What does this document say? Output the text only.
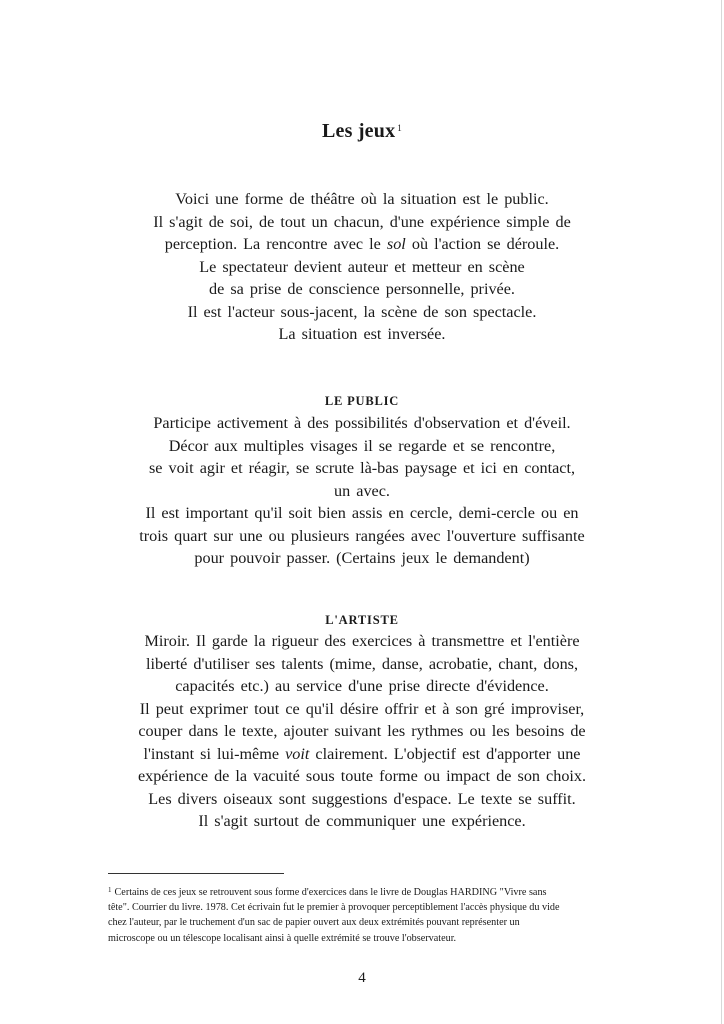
Les jeux $^1$
Voici une forme de théâtre où la situation est le public.
Il s'agit de soi, de tout un chacun, d'une expérience simple de
perception. La rencontre avec le sol où l'action se déroule.
Le spectateur devient auteur et metteur en scène
de sa prise de conscience personnelle, privée.
Il est l'acteur sous-jacent, la scène de son spectacle.
La situation est inversée.
LE PUBLIC
Participe activement à des possibilités d'observation et d'éveil.
Décor aux multiples visages il se regarde et se rencontre,
se voit agir et réagir, se scrute là-bas paysage et ici en contact,
un avec.
Il est important qu'il soit bien assis en cercle, demi-cercle ou en
trois quart sur une ou plusieurs rangées avec l'ouverture suffisante
pour pouvoir passer. (Certains jeux le demandent)
L'ARTISTE
Miroir. Il garde la rigueur des exercices à transmettre et l'entière
liberté d'utiliser ses talents (mime, danse, acrobatie, chant, dons,
capacités etc.) au service d'une prise directe d'évidence.
Il peut exprimer tout ce qu'il désire offrir et à son gré improviser,
couper dans le texte, ajouter suivant les rythmes ou les besoins de
l'instant si lui-même voit clairement. L'objectif est d'apporter une
expérience de la vacuité sous toute forme ou impact de son choix.
Les divers oiseaux sont suggestions d'espace. Le texte se suffit.
Il s'agit surtout de communiquer une expérience.
$^1$ Certains de ces jeux se retrouvent sous forme d'exercices dans le livre de Douglas HARDING "Vivre sans
tête". Courrier du livre. 1978. Cet écrivain fut le premier à provoquer perceptiblement l'accès physique du vide
chez l'auteur, par le truchement d'un sac de papier ouvert aux deux extrémités pouvant représenter un
microscope ou un télescope localisant ainsi à quelle extrémité se trouve l'observateur.
4
